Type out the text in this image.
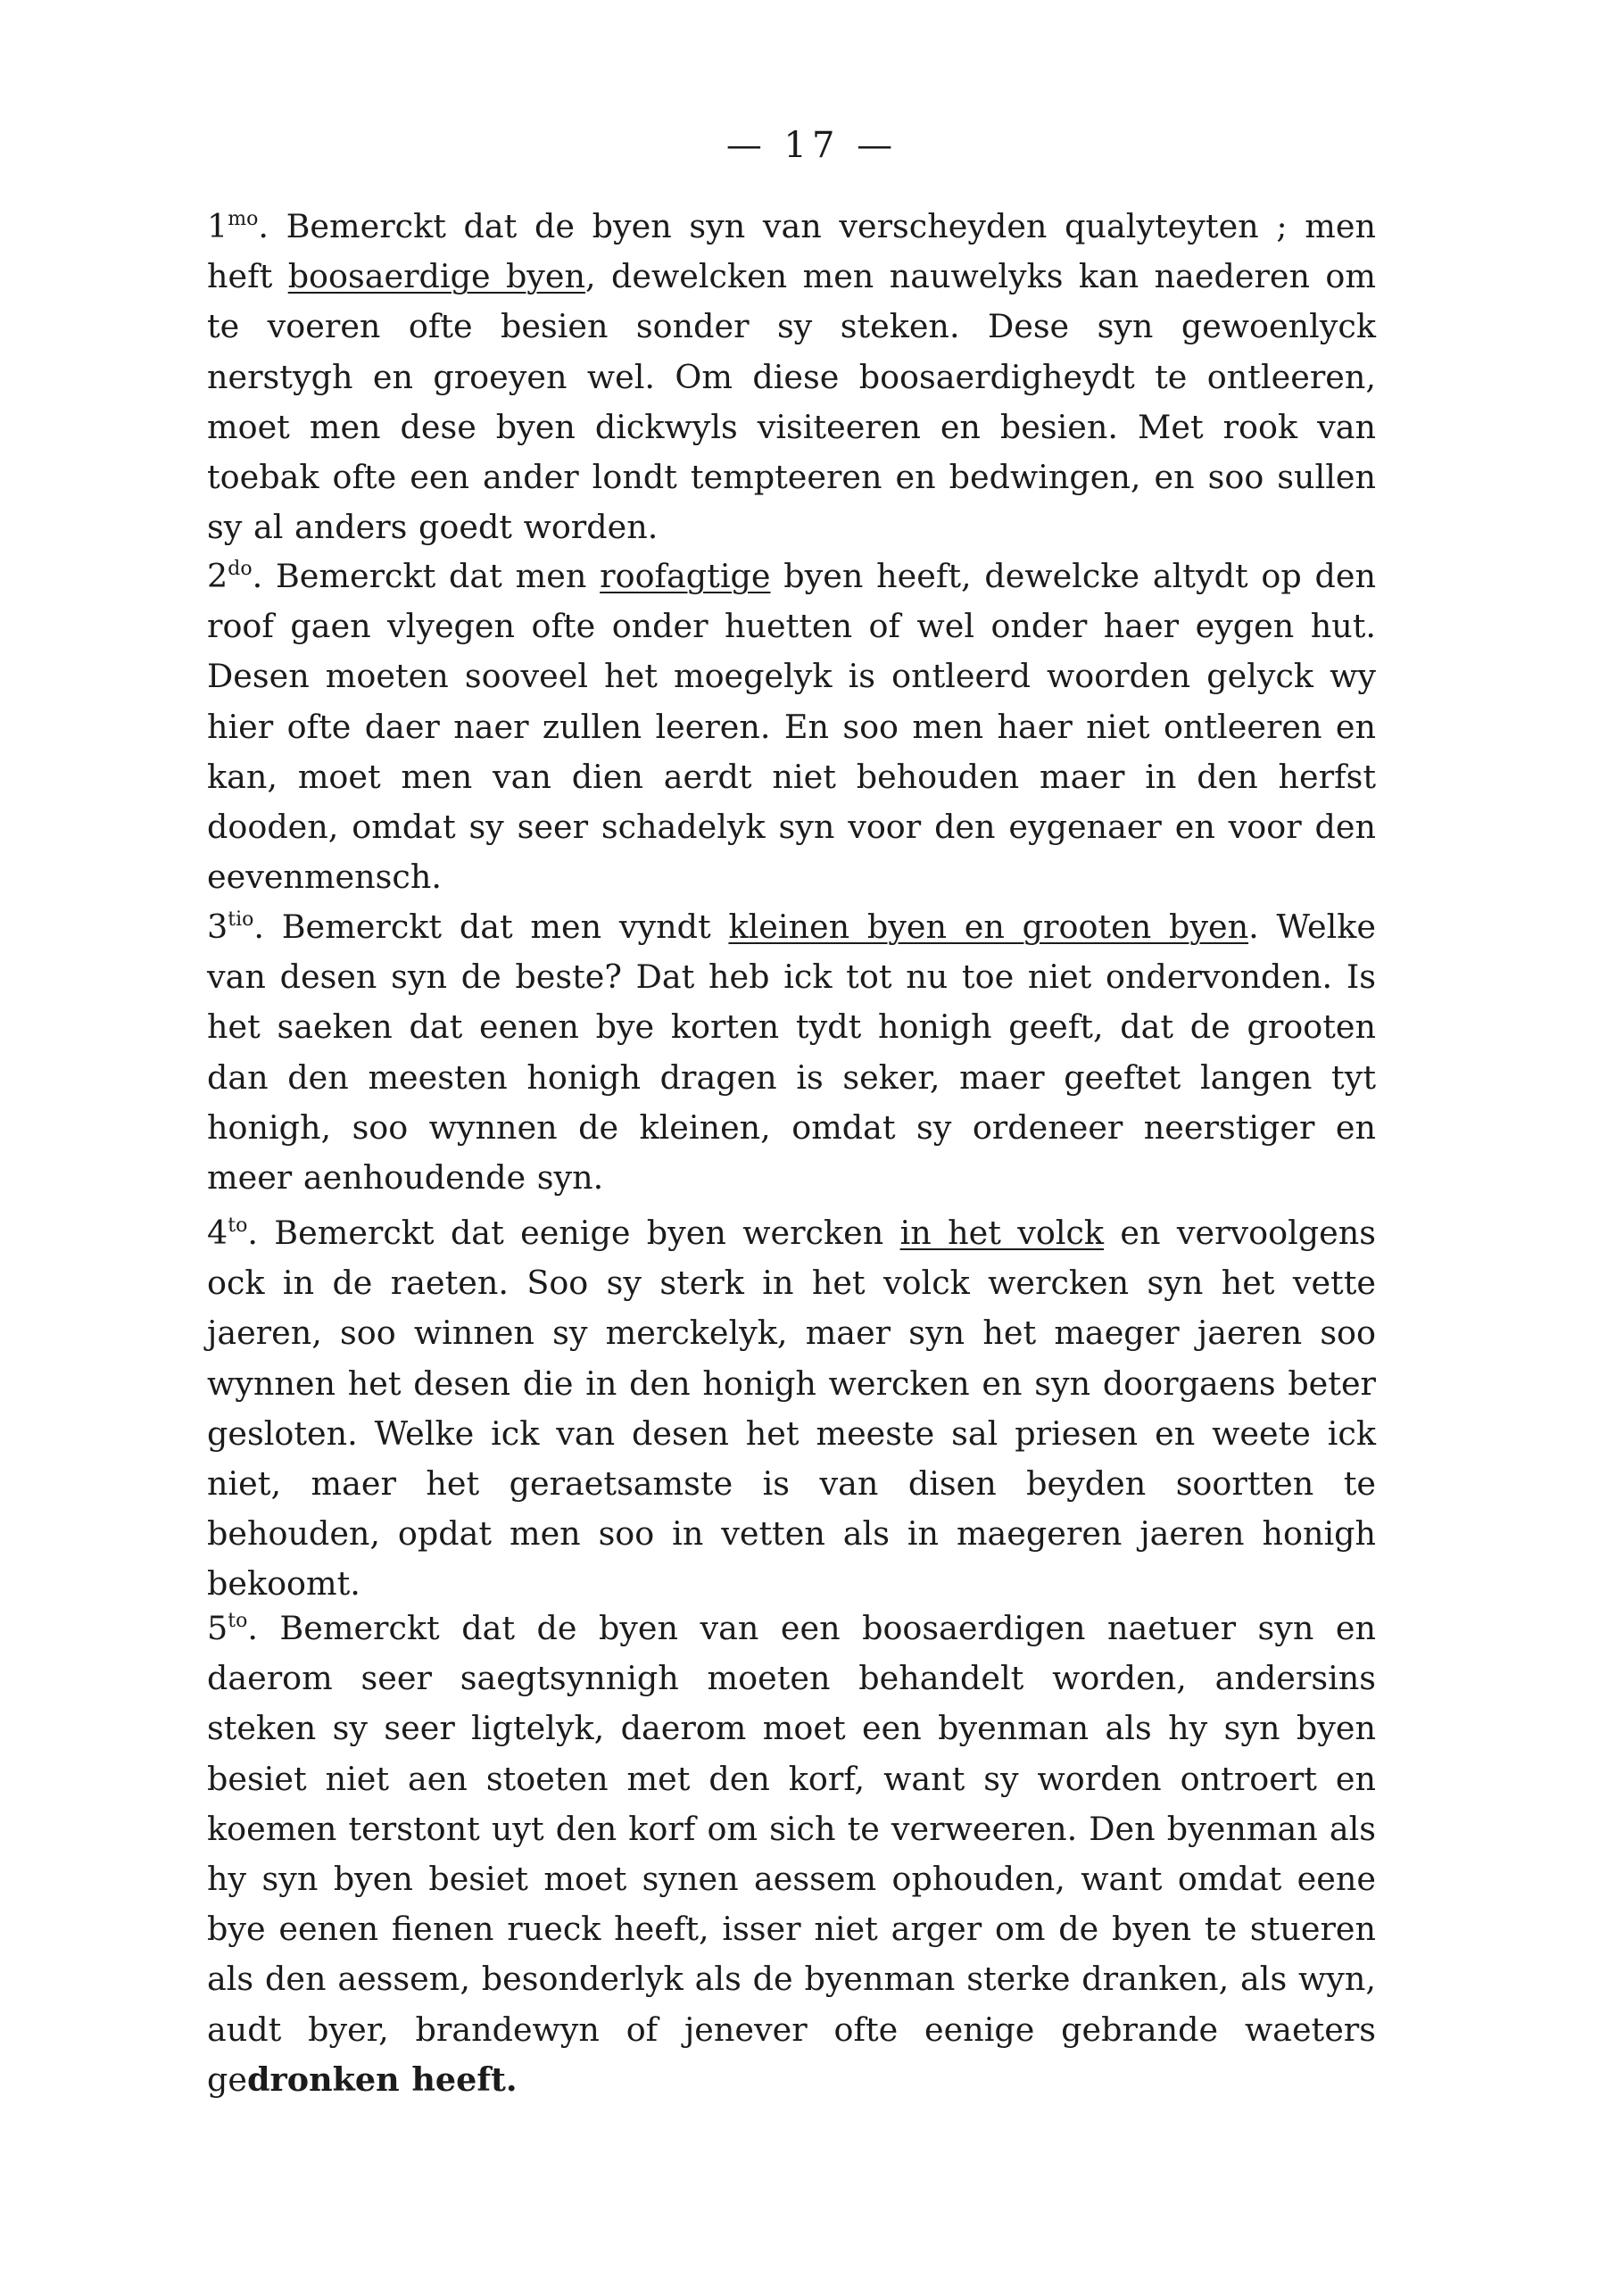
— 17 —

$1^{mo}$. Bemerckt dat de byen syn van verscheyden qualyteyten ; men heft boosaerdige byen, dewelcken men nauwelyks kan naederen om te voeren ofte besien sonder sy steken. Dese syn gewoenlyck nerstygh en groeyen wel. Om diese boosaerdigheydt te ontleeren, moet men dese byen dickwyls visiteeren en besien. Met rook van toebak ofte een ander londt tempteeren en bedwingen, en soo sullen sy al anders goedt worden.

$2^{do}$. Bemerckt dat men roofagtige byen heeft, dewelcke altydt op den roof gaen vlyegen ofte onder huetten of wel onder haer eygen hut. Desen moeten sooveel het moegelyk is ontleerd woorden gelyck wy hier ofte daer naer zullen leeren. En soo men haer niet ontleeren en kan, moet men van dien aerdt niet behouden maer in den herfst dooden, omdat sy seer schadelyk syn voor den eygenaer en voor den eevenmensch.

$3^{tio}$. Bemerckt dat men vyndt kleinen byen en grooten byen. Welke van desen syn de beste? Dat heb ick tot nu toe niet ondervonden. Is het saeken dat eenen bye korten tydt honigh geeft, dat de grooten dan den meesten honigh dragen is seker, maer geeftet langen tyt honigh, soo wynnen de kleinen, omdat sy ordeneer neerstiger en meer aenhoudende syn.

$4^{to}$. Bemerckt dat eenige byen wercken in het volck en vervoolgens ock in de raeten. Soo sy sterk in het volck wercken syn het vette jaeren, soo winnen sy merckelyk, maer syn het maeger jaeren soo wynnen het desen die in den honigh wercken en syn doorgaens beter gesloten. Welke ick van desen het meeste sal priesen en weete ick niet, maer het geraetsamste is van disen beyden soortten te behouden, opdat men soo in vetten als in maegeren jaeren honigh bekoomt.

$5^{to}$. Bemerckt dat de byen van een boosaerdigen naetuer syn en daerom seer saegtsynnigh moeten behandelt worden, andersins steken sy seer ligtelyk, daerom moet een byenman als hy syn byen besiet niet aen stoeten met den korf, want sy worden ontroert en koemen terstont uyt den korf om sich te verweeren. Den byenman als hy syn byen besiet moet synen aessem ophouden, want omdat eene bye eenen fienen rueck heeft, isser niet arger om de byen te stueren als den aessem, besonderlyk als de byenman sterke dranken, als wyn, audt byer, brandewyn of jenever ofte eenige gebrande waeters gedronken heeft.
